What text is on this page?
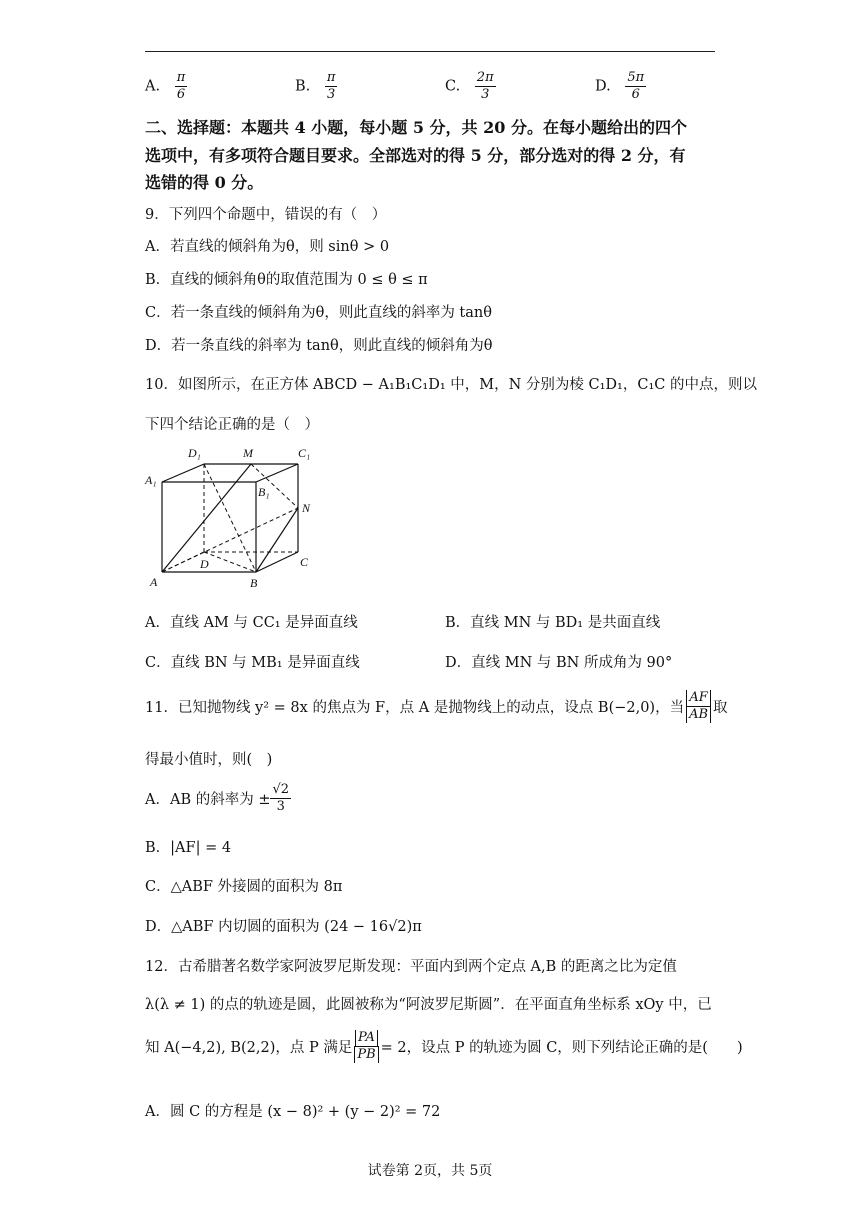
A. $\frac{\pi}{6}$	B. $\frac{\pi}{3}$	C. $\frac{2\pi}{3}$	D. $\frac{5\pi}{6}$
二、选择题：本题共 4 小题，每小题 5 分，共 20 分。在每小题给出的四个
选项中，有多项符合题目要求。全部选对的得 5 分，部分选对的得 2 分，有
选错的得 0 分。
9．下列四个命题中，错误的有（　）
A．若直线的倾斜角为θ，则 sinθ > 0
B．直线的倾斜角θ的取值范围为 0 ≤ θ ≤ π
C．若一条直线的倾斜角为θ，则此直线的斜率为 tanθ
D．若一条直线的斜率为 tanθ，则此直线的倾斜角为θ
10．如图所示，在正方体 ABCD − A₁B₁C₁D₁ 中，M，N 分别为棱 C₁D₁，C₁C 的中点，则以
下四个结论正确的是（　）
A₁
D₁	M	C₁
B₁
N
D	C
A	B
A．直线 AM 与 CC₁ 是异面直线	B．直线 MN 与 BD₁ 是共面直线
C．直线 BN 与 MB₁ 是异面直线	D．直线 MN 与 BN 所成角为 90°
11．已知抛物线 y² = 8x 的焦点为 F，点 A 是抛物线上的动点，设点 B(−2,0)，当 $\frac{AF}{AB}$ 取
得最小值时，则(　)
A．AB 的斜率为 ± $\frac{√2}{3}$
B．|AF| = 4
C．△ABF 外接圆的面积为 8π
D．△ABF 内切圆的面积为 (24 − 16√2)π
12．古希腊著名数学家阿波罗尼斯发现：平面内到两个定点 A,B 的距离之比为定值
λ(λ ≠ 1) 的点的轨迹是圆，此圆被称为“阿波罗尼斯圆”．在平面直角坐标系 xOy 中，已
知 A(−4,2), B(2,2)，点 P 满足 $\frac{PA}{PB} = 2$，设点 P 的轨迹为圆 C，则下列结论正确的是(　　)
A．圆 C 的方程是 (x − 8)² + (y − 2)² = 72
试卷第 2页，共 5页
